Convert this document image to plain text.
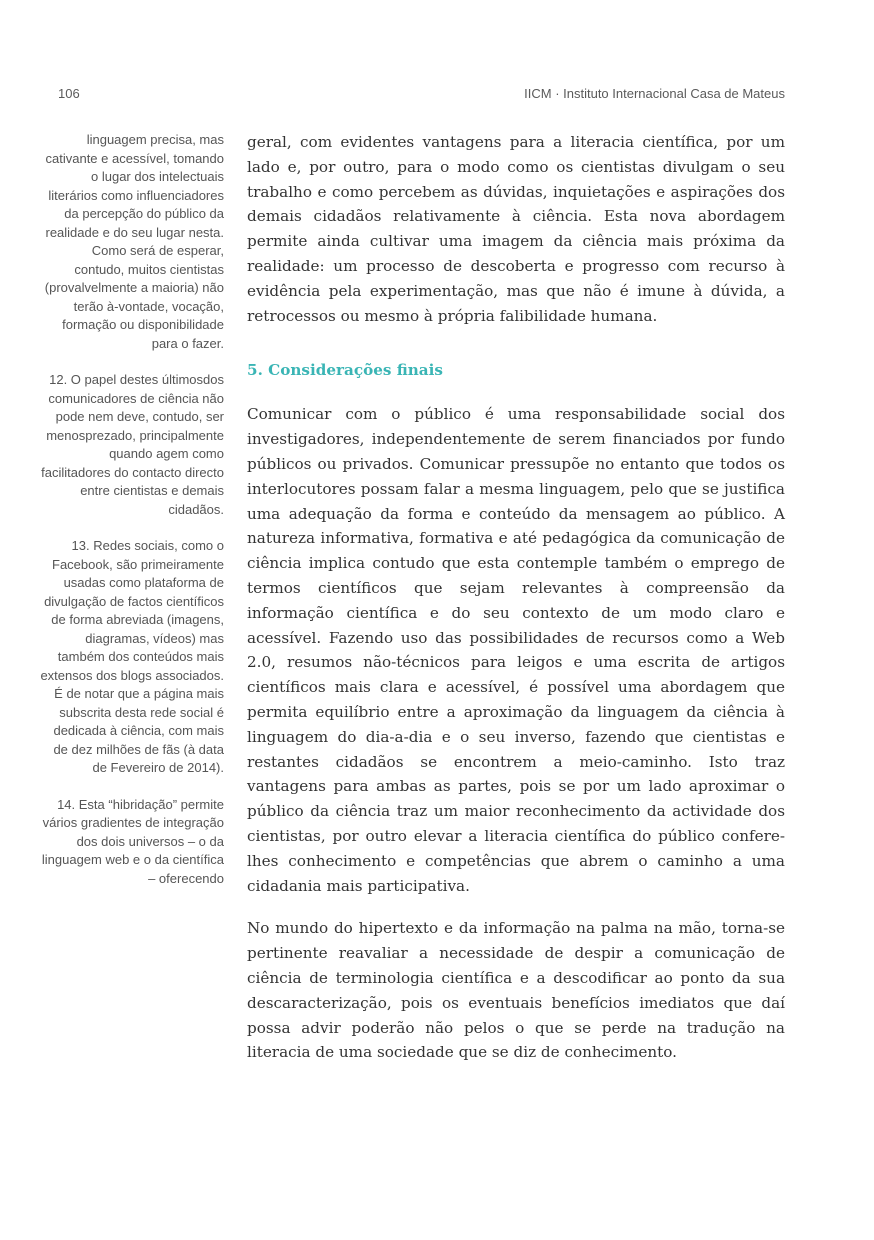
106	IICM · Instituto Internacional Casa de Mateus

linguagem precisa, mas cativante e acessível, tomando o lugar dos intelectuais literários como influenciadores da percepção do público da realidade e do seu lugar nesta. Como será de esperar, contudo, muitos cientistas (provalvelmente a maioria) não terão à-vontade, vocação, formação ou disponibilidade para o fazer.

12. O papel destes últimosdos comunicadores de ciência não pode nem deve, contudo, ser menosprezado, principalmente quando agem como facilitadores do contacto directo entre cientistas e demais cidadãos.

13. Redes sociais, como o Facebook, são primeiramente usadas como plataforma de divulgação de factos científicos de forma abreviada (imagens, diagramas, vídeos) mas também dos conteúdos mais extensos dos blogs associados. É de notar que a página mais subscrita desta rede social é dedicada à ciência, com mais de dez milhões de fãs (à data de Fevereiro de 2014).

14. Esta “hibridação” permite vários gradientes de integração dos dois universos – o da linguagem web e o da científica – oferecendo

geral, com evidentes vantagens para a literacia científica, por um lado e, por outro, para o modo como os cientistas divulgam o seu trabalho e como percebem as dúvidas, inquietações e aspirações dos demais cidadãos relativamente à ciência. Esta nova abordagem permite ainda cultivar uma imagem da ciência mais próxima da realidade: um processo de descoberta e progresso com recurso à evidência pela experimentação, mas que não é imune à dúvida, a retrocessos ou mesmo à própria falibilidade humana.

5. Considerações finais

Comunicar com o público é uma responsabilidade social dos investigadores, independentemente de serem financiados por fundo públicos ou privados. Comunicar pressupõe no entanto que todos os interlocutores possam falar a mesma linguagem, pelo que se justifica uma adequação da forma e conteúdo da mensagem ao público. A natureza informativa, formativa e até pedagógica da comunicação de ciência implica contudo que esta contemple também o emprego de termos científicos que sejam relevantes à compreensão da informação científica e do seu contexto de um modo claro e acessível. Fazendo uso das possibilidades de recursos como a Web 2.0, resumos não-técnicos para leigos e uma escrita de artigos científicos mais clara e acessível, é possível uma abordagem que permita equilíbrio entre a aproximação da linguagem da ciência à linguagem do dia-a-dia e o seu inverso, fazendo que cientistas e restantes cidadãos se encontrem a meio-caminho. Isto traz vantagens para ambas as partes, pois se por um lado aproximar o público da ciência traz um maior reconhecimento da actividade dos cientistas, por outro elevar a literacia científica do público confere-lhes conhecimento e competências que abrem o caminho a uma cidadania mais participativa.

No mundo do hipertexto e da informação na palma na mão, torna-se pertinente reavaliar a necessidade de despir a comunicação de ciência de terminologia científica e a descodificar ao ponto da sua descaracterização, pois os eventuais benefícios imediatos que daí possa advir poderão não pelos o que se perde na tradução na literacia de uma sociedade que se diz de conhecimento.
